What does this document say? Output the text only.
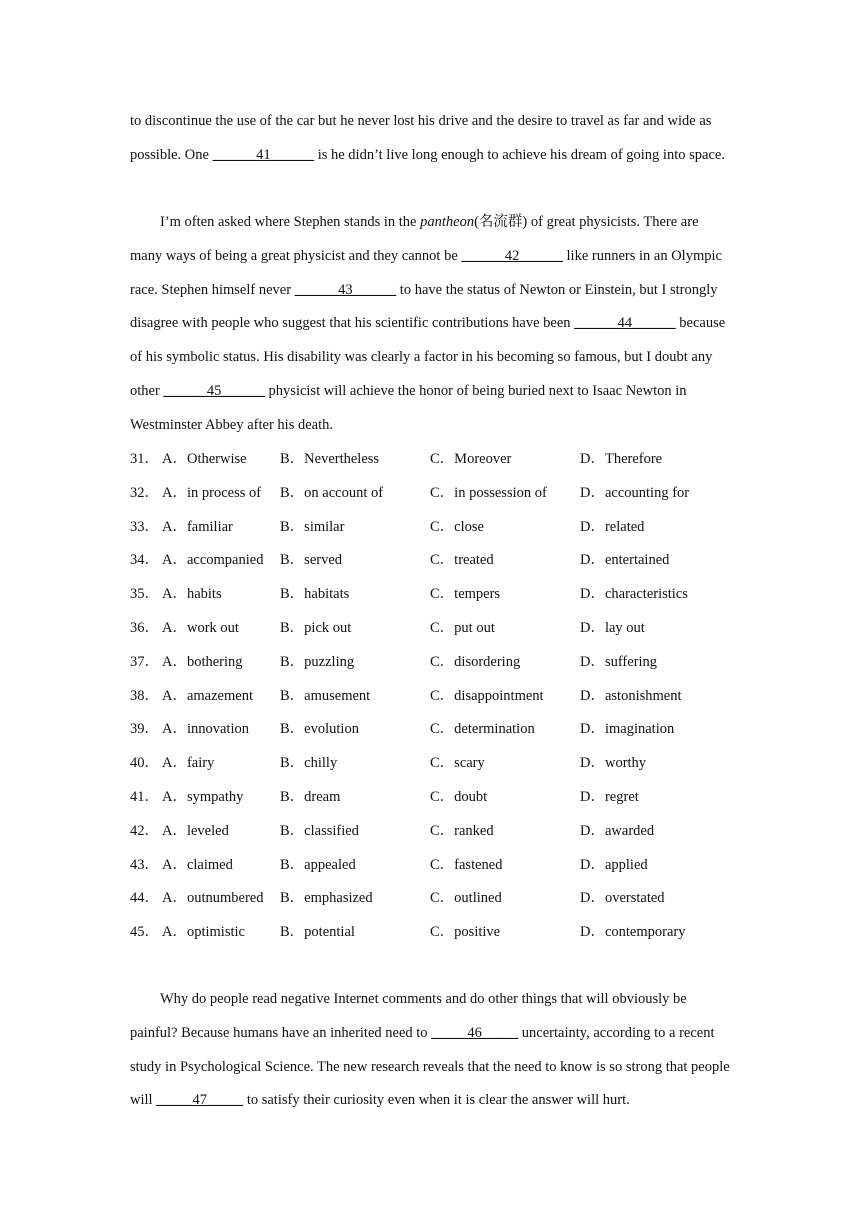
to discontinue the use of the car but he never lost his drive and the desire to travel as far and wide as possible. One ______41______ is he didn’t live long enough to achieve his dream of going into space.

I’m often asked where Stephen stands in the pantheon(名流群) of great physicists. There are many ways of being a great physicist and they cannot be ______42______ like runners in an Olympic race. Stephen himself never ______43______ to have the status of Newton or Einstein, but I strongly disagree with people who suggest that his scientific contributions have been ______44______ because of his symbolic status. His disability was clearly a factor in his becoming so famous, but I doubt any other ______45______ physicist will achieve the honor of being buried next to Isaac Newton in Westminster Abbey after his death.

31． A．Otherwise B．Nevertheless	C．Moreover	D．Therefore
32． A．in process of B．on account of	C．in possession of D．accounting for
33． A．familiar	B．similar	C．close	D．related
34． A．accompanied B．served	C．treated	D．entertained
35． A．habits	B．habitats	C．tempers	D．characteristics
36． A．work out	B．pick out	C．put out	D．lay out
37． A．bothering	B．puzzling	C．disordering	D．suffering
38． A．amazement B．amusement	C．disappointment	D．astonishment
39． A．innovation B．evolution	C．determination	D．imagination
40． A．fairy	B．chilly	C．scary	D．worthy
41． A．sympathy	B．dream	C．doubt	D．regret
42． A．leveled	B．classified	C．ranked	D．awarded
43． A．claimed	B．appealed	C．fastened	D．applied
44． A．outnumbered B．emphasized	C．outlined	D．overstated
45． A．optimistic B．potential	C．positive	D．contemporary

Why do people read negative Internet comments and do other things that will obviously be painful? Because humans have an inherited need to _____46_____ uncertainty, according to a recent study in Psychological Science. The new research reveals that the need to know is so strong that people will _____47_____ to satisfy their curiosity even when it is clear the answer will hurt.
